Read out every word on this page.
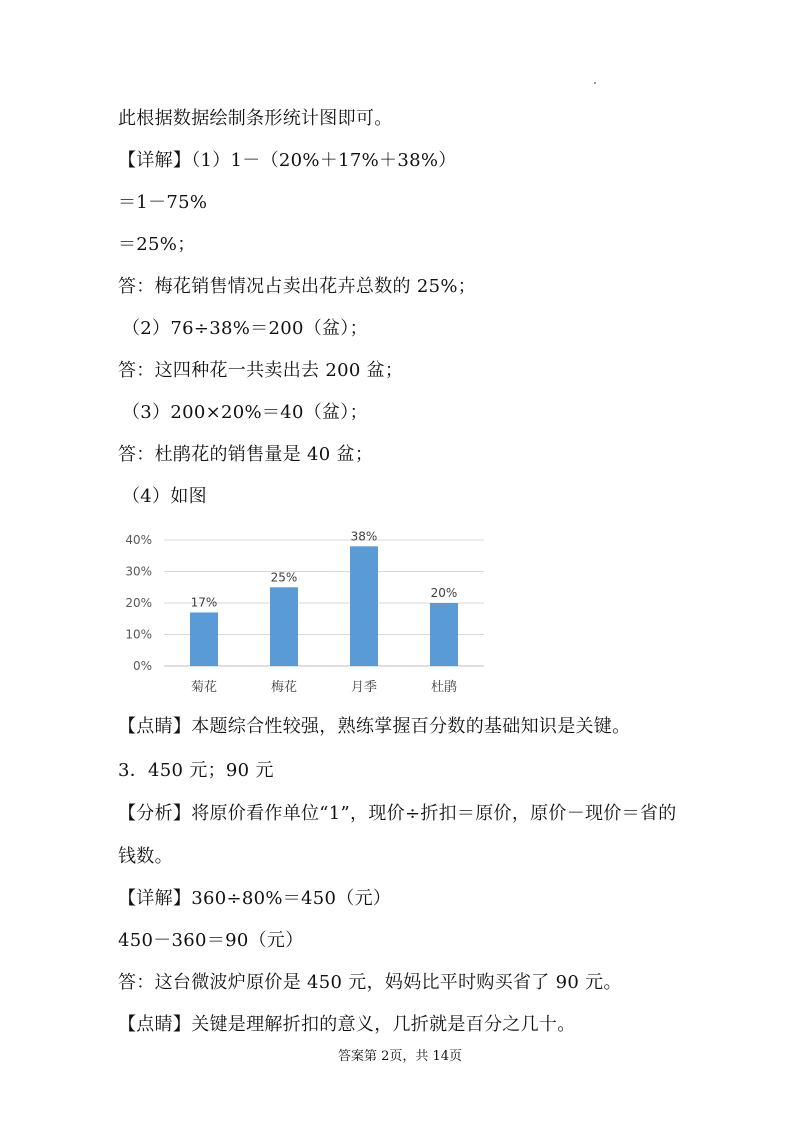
此根据数据绘制条形统计图即可。
【详解】（1）1－（20%＋17%＋38%）
＝1－75%
＝25%；
答：梅花销售情况占卖出花卉总数的 25%；
（2）76÷38%＝200（盆）；
答：这四种花一共卖出去 200 盆；
（3）200×20%＝40（盆）；
答：杜鹃花的销售量是 40 盆；
（4）如图
0%
10%
20%
30%
40%
17%
菊花
25%
梅花
38%
月季
20%
杜鹃
【点睛】本题综合性较强，熟练掌握百分数的基础知识是关键。
3．450 元；90 元
【分析】将原价看作单位“1”，现价÷折扣＝原价，原价－现价＝省的
钱数。
【详解】360÷80%＝450（元）
450－360＝90（元）
答：这台微波炉原价是 450 元，妈妈比平时购买省了 90 元。
【点睛】关键是理解折扣的意义，几折就是百分之几十。
答案第 2页，共 14页
